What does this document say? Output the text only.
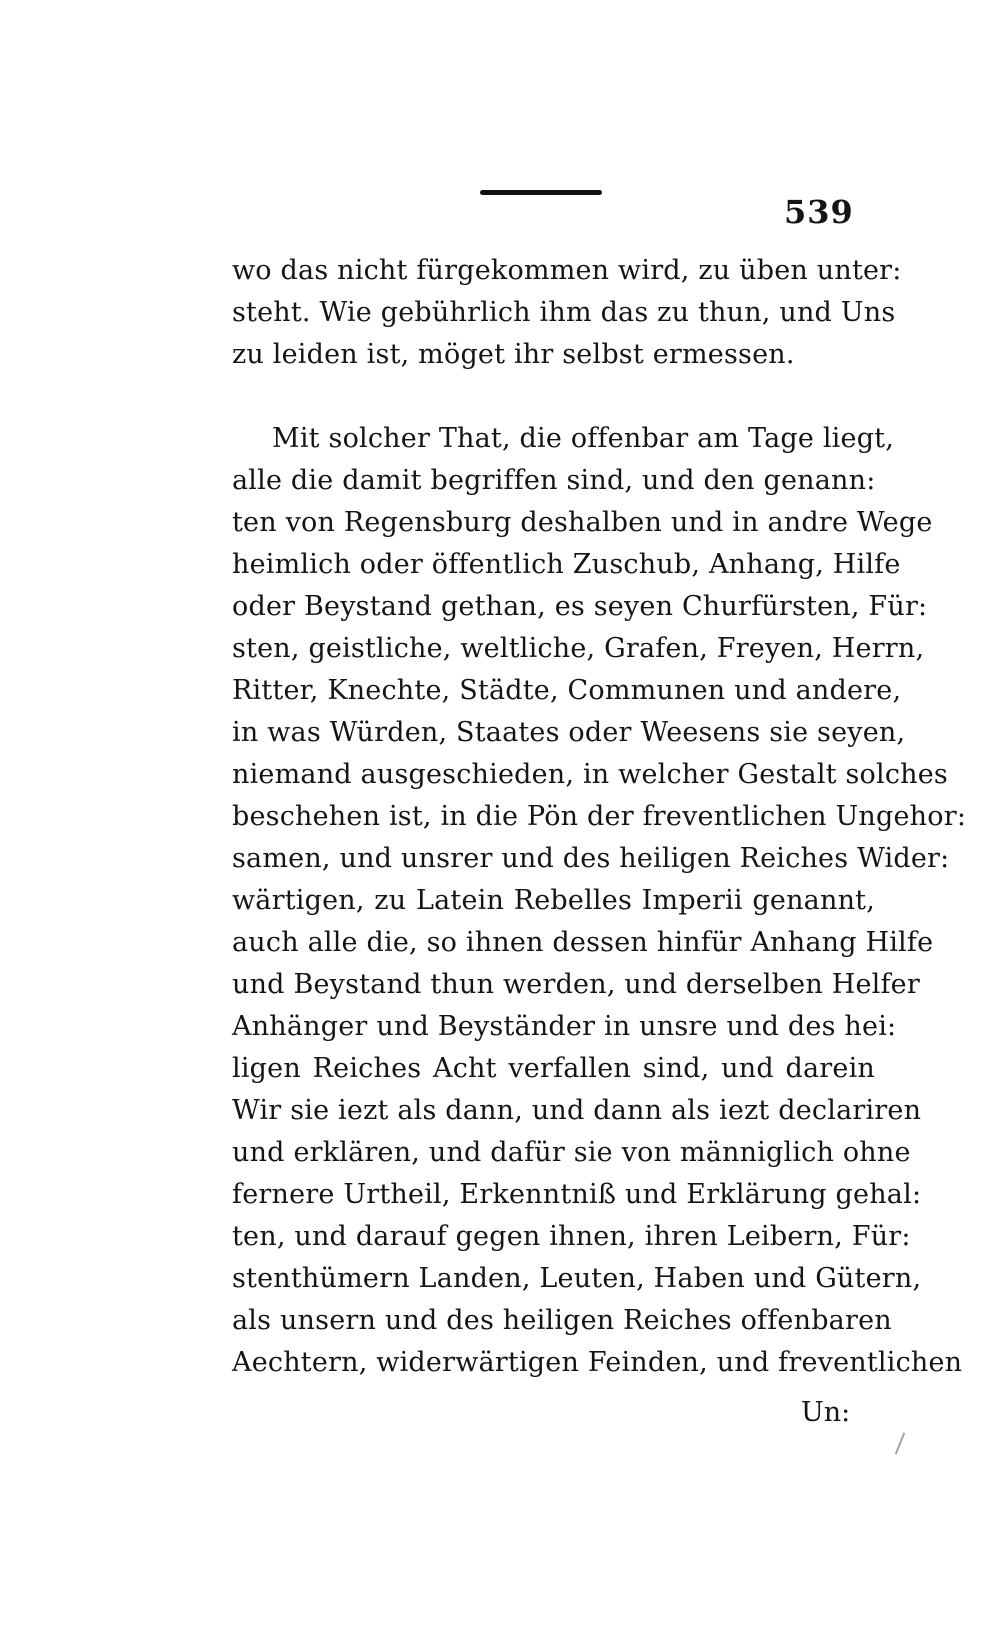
539
wo das nicht fürgekommen wird, zu üben unter:
steht. Wie gebührlich ihm das zu thun, und Uns
zu leiden ist, möget ihr selbst ermessen.
Mit solcher That, die offenbar am Tage liegt,
alle die damit begriffen sind, und den genann:
ten von Regensburg deshalben und in andre Wege
heimlich oder öffentlich Zuschub, Anhang, Hilfe
oder Beystand gethan, es seyen Churfürsten, Für:
sten, geistliche, weltliche, Grafen, Freyen, Herrn,
Ritter, Knechte, Städte, Communen und andere,
in was Würden, Staates oder Weesens sie seyen,
niemand ausgeschieden, in welcher Gestalt solches
beschehen ist, in die Pön der freventlichen Ungehor:
samen, und unsrer und des heiligen Reiches Wider:
wärtigen, zu Latein Rebelles Imperii genannt,
auch alle die, so ihnen dessen hinfür Anhang Hilfe
und Beystand thun werden, und derselben Helfer
Anhänger und Beyständer in unsre und des hei:
ligen Reiches Acht verfallen sind, und darein
Wir sie iezt als dann, und dann als iezt declariren
und erklären, und dafür sie von männiglich ohne
fernere Urtheil, Erkenntniß und Erklärung gehal:
ten, und darauf gegen ihnen, ihren Leibern, Für:
stenthümern Landen, Leuten, Haben und Gütern,
als unsern und des heiligen Reiches offenbaren
Aechtern, widerwärtigen Feinden, und freventlichen
Un:
